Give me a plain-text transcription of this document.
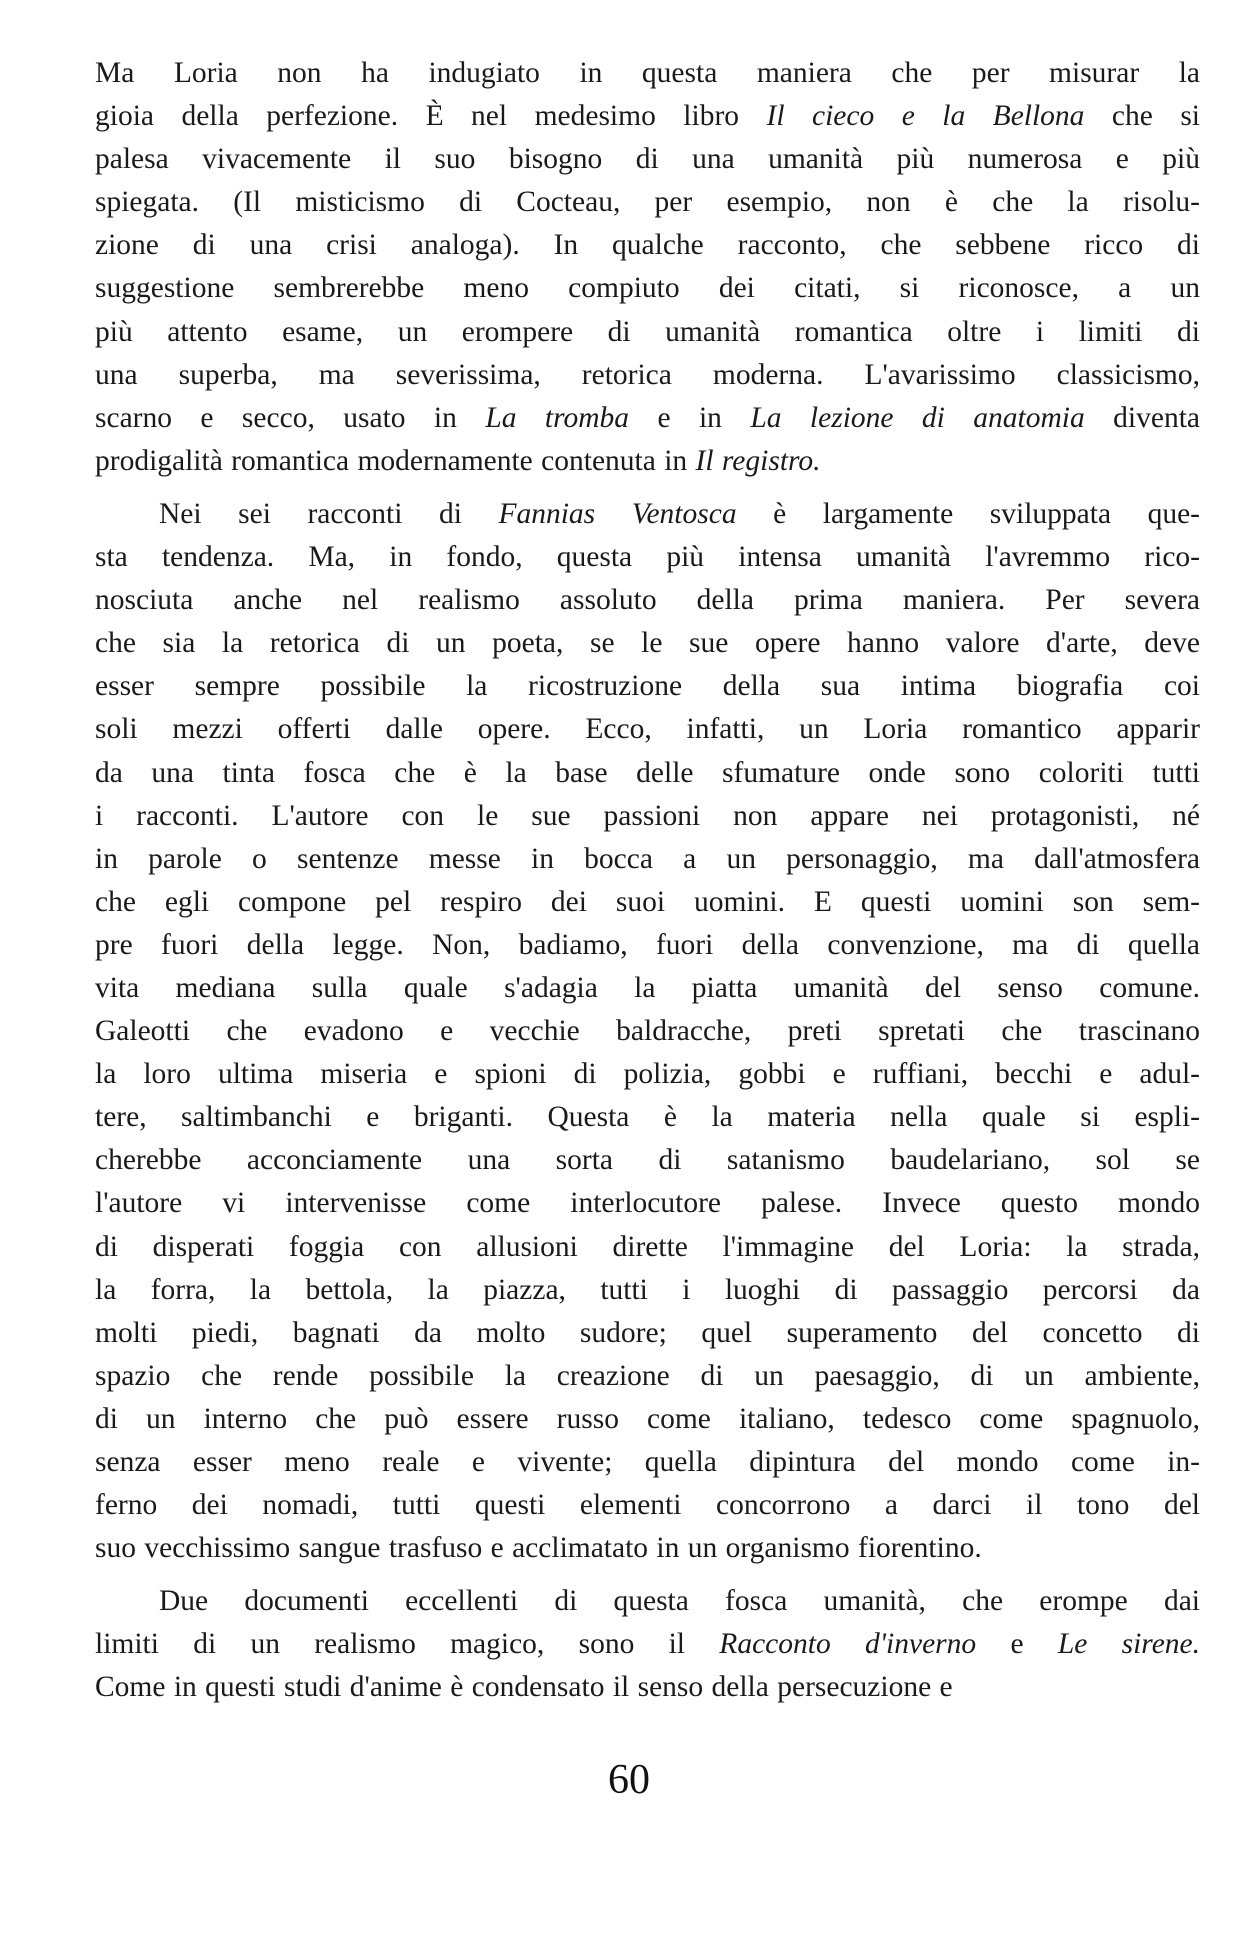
Ma Loria non ha indugiato in questa maniera che per misurar la
gioia della perfezione. È nel medesimo libro Il cieco e la Bellona che si
palesa vivacemente il suo bisogno di una umanità più numerosa e più
spiegata. (Il misticismo di Cocteau, per esempio, non è che la risolu-
zione di una crisi analoga). In qualche racconto, che sebbene ricco di
suggestione sembrerebbe meno compiuto dei citati, si riconosce, a un
più attento esame, un erompere di umanità romantica oltre i limiti di
una superba, ma severissima, retorica moderna. L'avarissimo classicismo,
scarno e secco, usato in La tromba e in La lezione di anatomia diventa
prodigalità romantica modernamente contenuta in Il registro.
Nei sei racconti di Fannias Ventosca è largamente sviluppata que-
sta tendenza. Ma, in fondo, questa più intensa umanità l'avremmo rico-
nosciuta anche nel realismo assoluto della prima maniera. Per severa
che sia la retorica di un poeta, se le sue opere hanno valore d'arte, deve
esser sempre possibile la ricostruzione della sua intima biografia coi
soli mezzi offerti dalle opere. Ecco, infatti, un Loria romantico apparir
da una tinta fosca che è la base delle sfumature onde sono coloriti tutti
i racconti. L'autore con le sue passioni non appare nei protagonisti, né
in parole o sentenze messe in bocca a un personaggio, ma dall'atmosfera
che egli compone pel respiro dei suoi uomini. E questi uomini son sem-
pre fuori della legge. Non, badiamo, fuori della convenzione, ma di quella
vita mediana sulla quale s'adagia la piatta umanità del senso comune.
Galeotti che evadono e vecchie baldracche, preti spretati che trascinano
la loro ultima miseria e spioni di polizia, gobbi e ruffiani, becchi e adul-
tere, saltimbanchi e briganti. Questa è la materia nella quale si espli-
cherebbe acconciamente una sorta di satanismo baudelariano, sol se
l'autore vi intervenisse come interlocutore palese. Invece questo mondo
di disperati foggia con allusioni dirette l'immagine del Loria: la strada,
la forra, la bettola, la piazza, tutti i luoghi di passaggio percorsi da
molti piedi, bagnati da molto sudore; quel superamento del concetto di
spazio che rende possibile la creazione di un paesaggio, di un ambiente,
di un interno che può essere russo come italiano, tedesco come spagnuolo,
senza esser meno reale e vivente; quella dipintura del mondo come in-
ferno dei nomadi, tutti questi elementi concorrono a darci il tono del
suo vecchissimo sangue trasfuso e acclimatato in un organismo fiorentino.
Due documenti eccellenti di questa fosca umanità, che erompe dai
limiti di un realismo magico, sono il Racconto d'inverno e Le sirene.
Come in questi studi d'anime è condensato il senso della persecuzione e
60
